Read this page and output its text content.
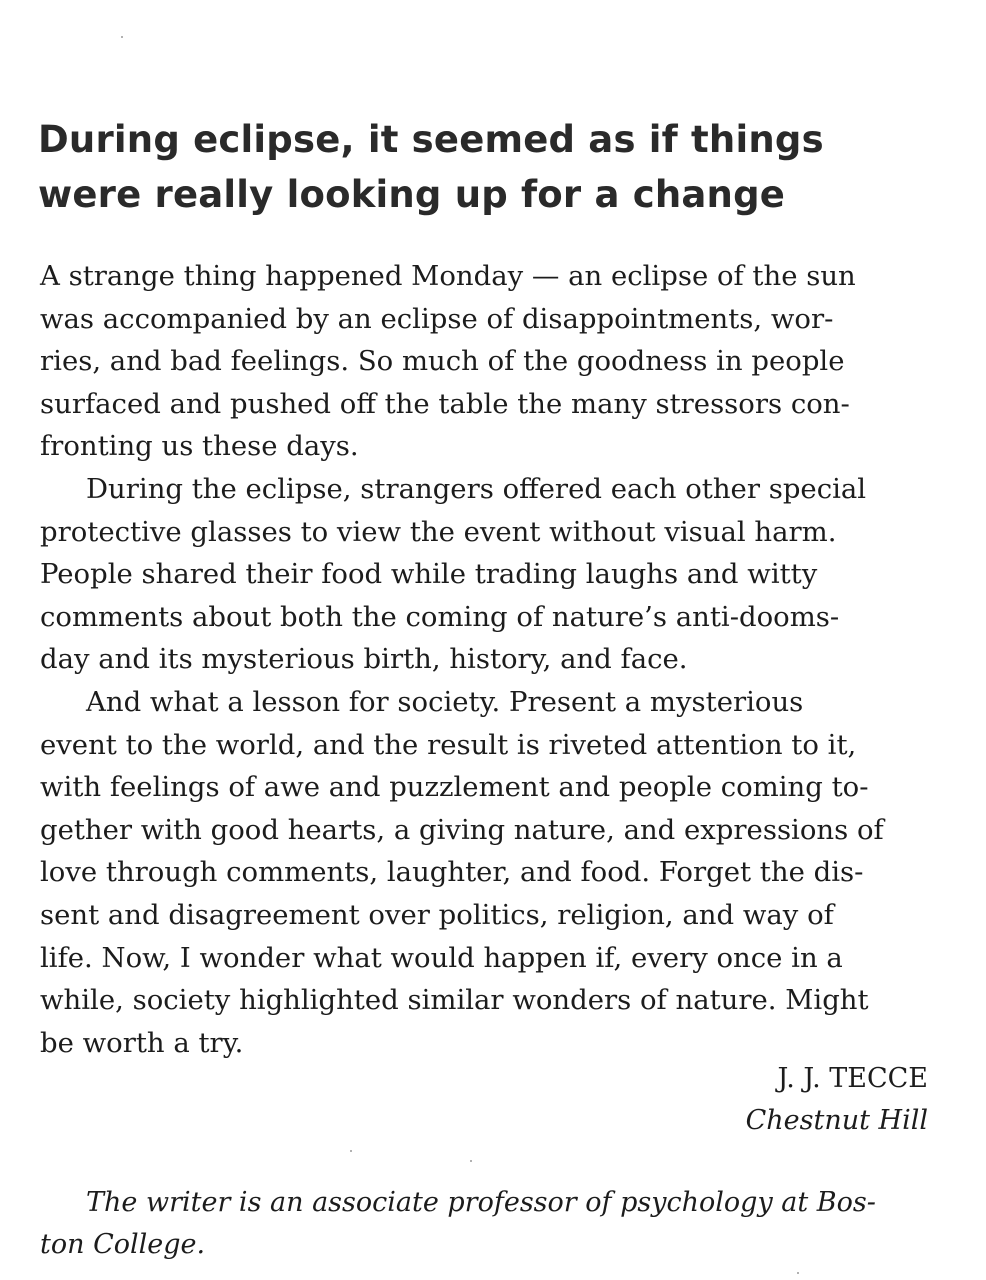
During eclipse, it seemed as if things
were really looking up for a change
A strange thing happened Monday — an eclipse of the sun
was accompanied by an eclipse of disappointments, wor-
ries, and bad feelings. So much of the goodness in people
surfaced and pushed off the table the many stressors con-
fronting us these days.
During the eclipse, strangers offered each other special
protective glasses to view the event without visual harm.
People shared their food while trading laughs and witty
comments about both the coming of nature’s anti-dooms-
day and its mysterious birth, history, and face.
And what a lesson for society. Present a mysterious
event to the world, and the result is riveted attention to it,
with feelings of awe and puzzlement and people coming to-
gether with good hearts, a giving nature, and expressions of
love through comments, laughter, and food. Forget the dis-
sent and disagreement over politics, religion, and way of
life. Now, I wonder what would happen if, every once in a
while, society highlighted similar wonders of nature. Might
be worth a try.
J. J. TECCE
Chestnut Hill
The writer is an associate professor of psychology at Bos-
ton College.
